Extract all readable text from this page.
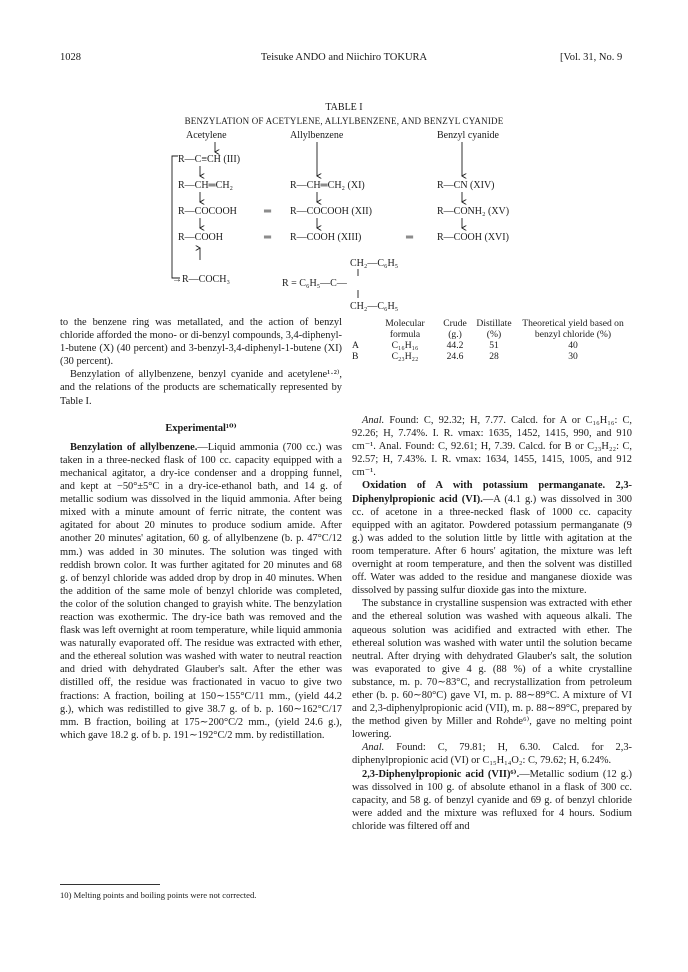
1028	Teisuke ANDO and Niichiro TOKURA	[Vol. 31, No. 9
TABLE I
BENZYLATION OF ACETYLENE, ALLYLBENZENE, AND BENZYL CYANIDE
Acetylene	Allylbenzene	Benzyl cyanide
R—C≡CH (III)
R—CH═CH₂
R—COCOOH
R—COOH
→R—COCH₃
R—CH═CH₂ (XI)
R—COCOOH (XII)
R—COOH (XIII)
═
═	═
R—CN (XIV)
R—CONH₂ (XV)
R—COOH (XVI)
CH₂—C₆H₅
R = C₆H₅—C—
CH₂—C₆H₅

to the benzene ring was metallated, and the action of benzyl chloride afforded the mono- or di-benzyl compounds, 3,4-diphenyl-1-butene (X) (40 percent) and 3-benzyl-3,4-diphenyl-1-butene (XI) (30 percent).

Benzylation of allylbenzene, benzyl cyanide and acetylene¹·²⁾, and the relations of the products are schematically represented by Table I.

Experimental¹⁰⁾

Benzylation of allylbenzene.—Liquid ammonia (700 cc.) was taken in a three-necked flask of 100 cc. capacity equipped with a mechanical agitator, a dry-ice condenser and a dropping funnel, and kept at −50°±5°C in a dry-ice-ethanol bath, and 14 g. of metallic sodium was dissolved in the liquid ammonia. After being mixed with a minute amount of ferric nitrate, the content was agitated for about 20 minutes to produce sodium amide. After another 20 minutes' agitation, 60 g. of allylbenzene (b. p. 47°C/12 mm.) was added in 30 minutes. The solution was tinged with reddish brown color. It was further agitated for 20 minutes and 68 g. of benzyl chloride was added drop by drop in 40 minutes. When the addition of the same mole of benzyl chloride was completed, the color of the solution changed to grayish white. The benzylation reaction was exothermic. The dry-ice bath was removed and the flask was left overnight at room temperature, while liquid ammonia was naturally evaporated off. The residue was extracted with ether, and the ethereal solution was washed with water to neutral reaction and dried with dehydrated Glauber's salt. After the ether was distilled off, the residue was fractionated in vacuo to give two fractions: A fraction, boiling at 150∼155°C/11 mm., (yield 44.2 g.), which was redistilled to give 38.7 g. of b. p. 160∼162°C/17 mm. B fraction, boiling at 175∼200°C/2 mm., (yield 24.6 g.), which gave 18.2 g. of b. p. 191∼192°C/2 mm. by redistillation.

10) Melting points and boiling points were not corrected.
	Molecular formula	Crude (g.)	Distillate (%)	Theoretical yield based on benzyl chloride (%)
A	C₁₆H₁₆	44.2	51	40
B	C₂₃H₂₂	24.6	28	30

Anal. Found: C, 92.32; H, 7.77. Calcd. for A or C₁₆H₁₆: C, 92.26; H, 7.74%. I. R. νmax: 1635, 1452, 1415, 990, and 910 cm⁻¹. Anal. Found: C, 92.61; H, 7.39. Calcd. for B or C₂₃H₂₂: C, 92.57; H, 7.43%. I. R. νmax: 1634, 1455, 1415, 1005, and 912 cm⁻¹.

Oxidation of A with potassium permanganate. 2,3-Diphenylpropionic acid (VI).—A (4.1 g.) was dissolved in 300 cc. of acetone in a three-necked flask of 1000 cc. capacity equipped with an agitator. Powdered potassium permanganate (9 g.) was added to the solution little by little with agitation at the room temperature. After 6 hours' agitation, the mixture was left overnight at room temperature, and then the solvent was distilled off. Water was added to the residue and manganese dioxide was dissolved by passing sulfur dioxide gas into the mixture.

The substance in crystalline suspension was extracted with ether and the ethereal solution was washed with aqueous alkali. The aqueous solution was acidified and extracted with ether. The ethereal solution was washed with water until the solution became neutral. After drying with dehydrated Glauber's salt, the solution was evaporated to give 4 g. (88 %) of a white crystalline substance, m. p. 70∼83°C, and recrystallization from petroleum ether (b. p. 60∼80°C) gave VI, m. p. 88∼89°C. A mixture of VI and 2,3-diphenylpropionic acid (VII), m. p. 88∼89°C, prepared by the method given by Miller and Rohde⁶⁾, gave no melting point lowering.

Anal. Found: C, 79.81; H, 6.30. Calcd. for 2,3-diphenylpropionic acid (VI) or C₁₅H₁₄O₂: C, 79.62; H, 6.24%.

2,3-Diphenylpropionic acid (VII)⁶⁾.—Metallic sodium (12 g.) was dissolved in 100 g. of absolute ethanol in a flask of 300 cc. capacity, and 58 g. of benzyl cyanide and 69 g. of benzyl chloride were added and the mixture was refluxed for 4 hours. Sodium chloride was filtered off and
